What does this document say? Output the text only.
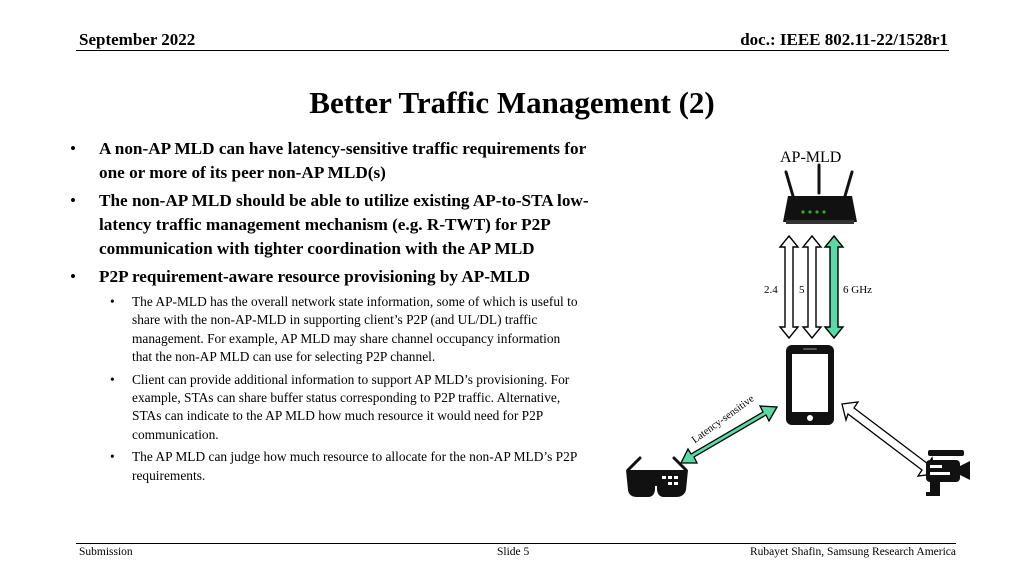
September 2022	doc.: IEEE 802.11-22/1528r1
Better Traffic Management (2)
• A non-AP MLD can have latency-sensitive traffic requirements for one or more of its peer non-AP MLD(s)
• The non-AP MLD should be able to utilize existing AP-to-STA low-latency traffic management mechanism (e.g. R-TWT) for P2P communication with tighter coordination with the AP MLD
• P2P requirement-aware resource provisioning by AP-MLD
• The AP-MLD has the overall network state information, some of which is useful to share with the non-AP-MLD in supporting client’s P2P (and UL/DL) traffic management. For example, AP MLD may share channel occupancy information that the non-AP MLD can use for selecting P2P channel.
• Client can provide additional information to support AP MLD’s provisioning. For example, STAs can share buffer status corresponding to P2P traffic. Alternative, STAs can indicate to the AP MLD how much resource it would need for P2P communication.
• The AP MLD can judge how much resource to allocate for the non-AP MLD’s P2P requirements.
AP-MLD
2.4 5	6 GHz
Latency-sensitive
Submission	Slide 5	Rubayet Shafin, Samsung Research America
